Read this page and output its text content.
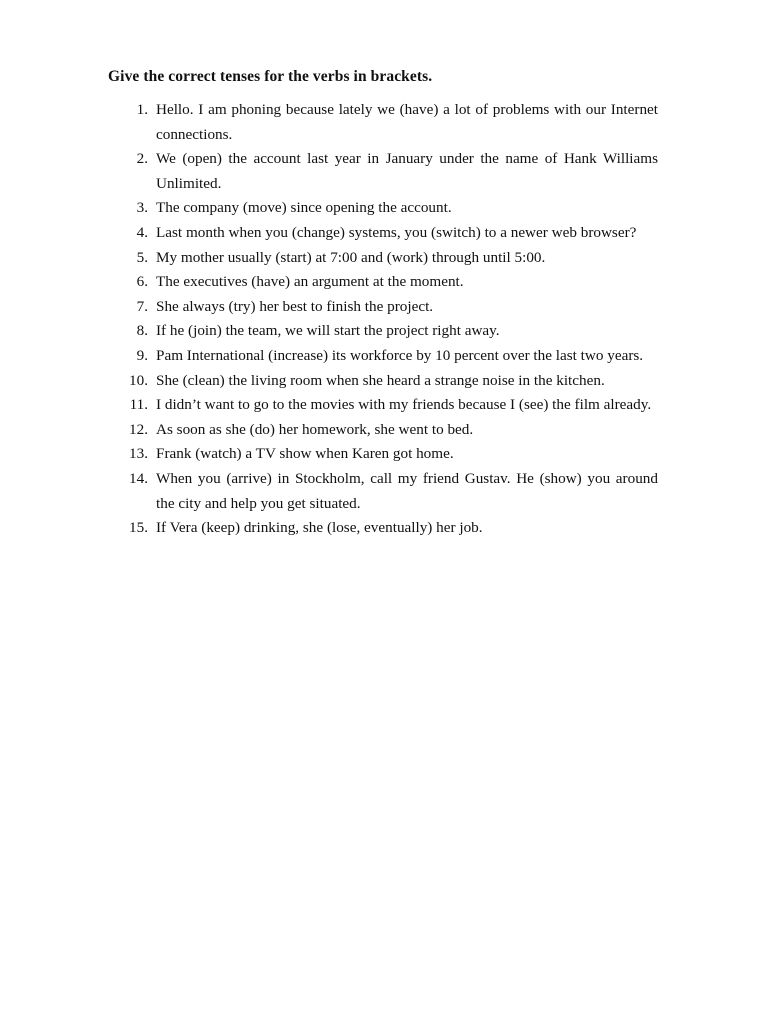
Give the correct tenses for the verbs in brackets.
1. Hello. I am phoning because lately we (have) a lot of problems with our Internet connections.
2. We (open) the account last year in January under the name of Hank Williams Unlimited.
3. The company (move) since opening the account.
4. Last month when you (change) systems, you (switch) to a newer web browser?
5. My mother usually (start) at 7:00 and (work) through until 5:00.
6. The executives (have) an argument at the moment.
7. She always (try) her best to finish the project.
8. If he (join) the team, we will start the project right away.
9. Pam International (increase) its workforce by 10 percent over the last two years.
10. She (clean) the living room when she heard a strange noise in the kitchen.
11. I didn’t want to go to the movies with my friends because I (see) the film already.
12. As soon as she (do) her homework, she went to bed.
13. Frank (watch) a TV show when Karen got home.
14. When you (arrive) in Stockholm, call my friend Gustav. He (show) you around the city and help you get situated.
15. If Vera (keep) drinking, she (lose, eventually) her job.
